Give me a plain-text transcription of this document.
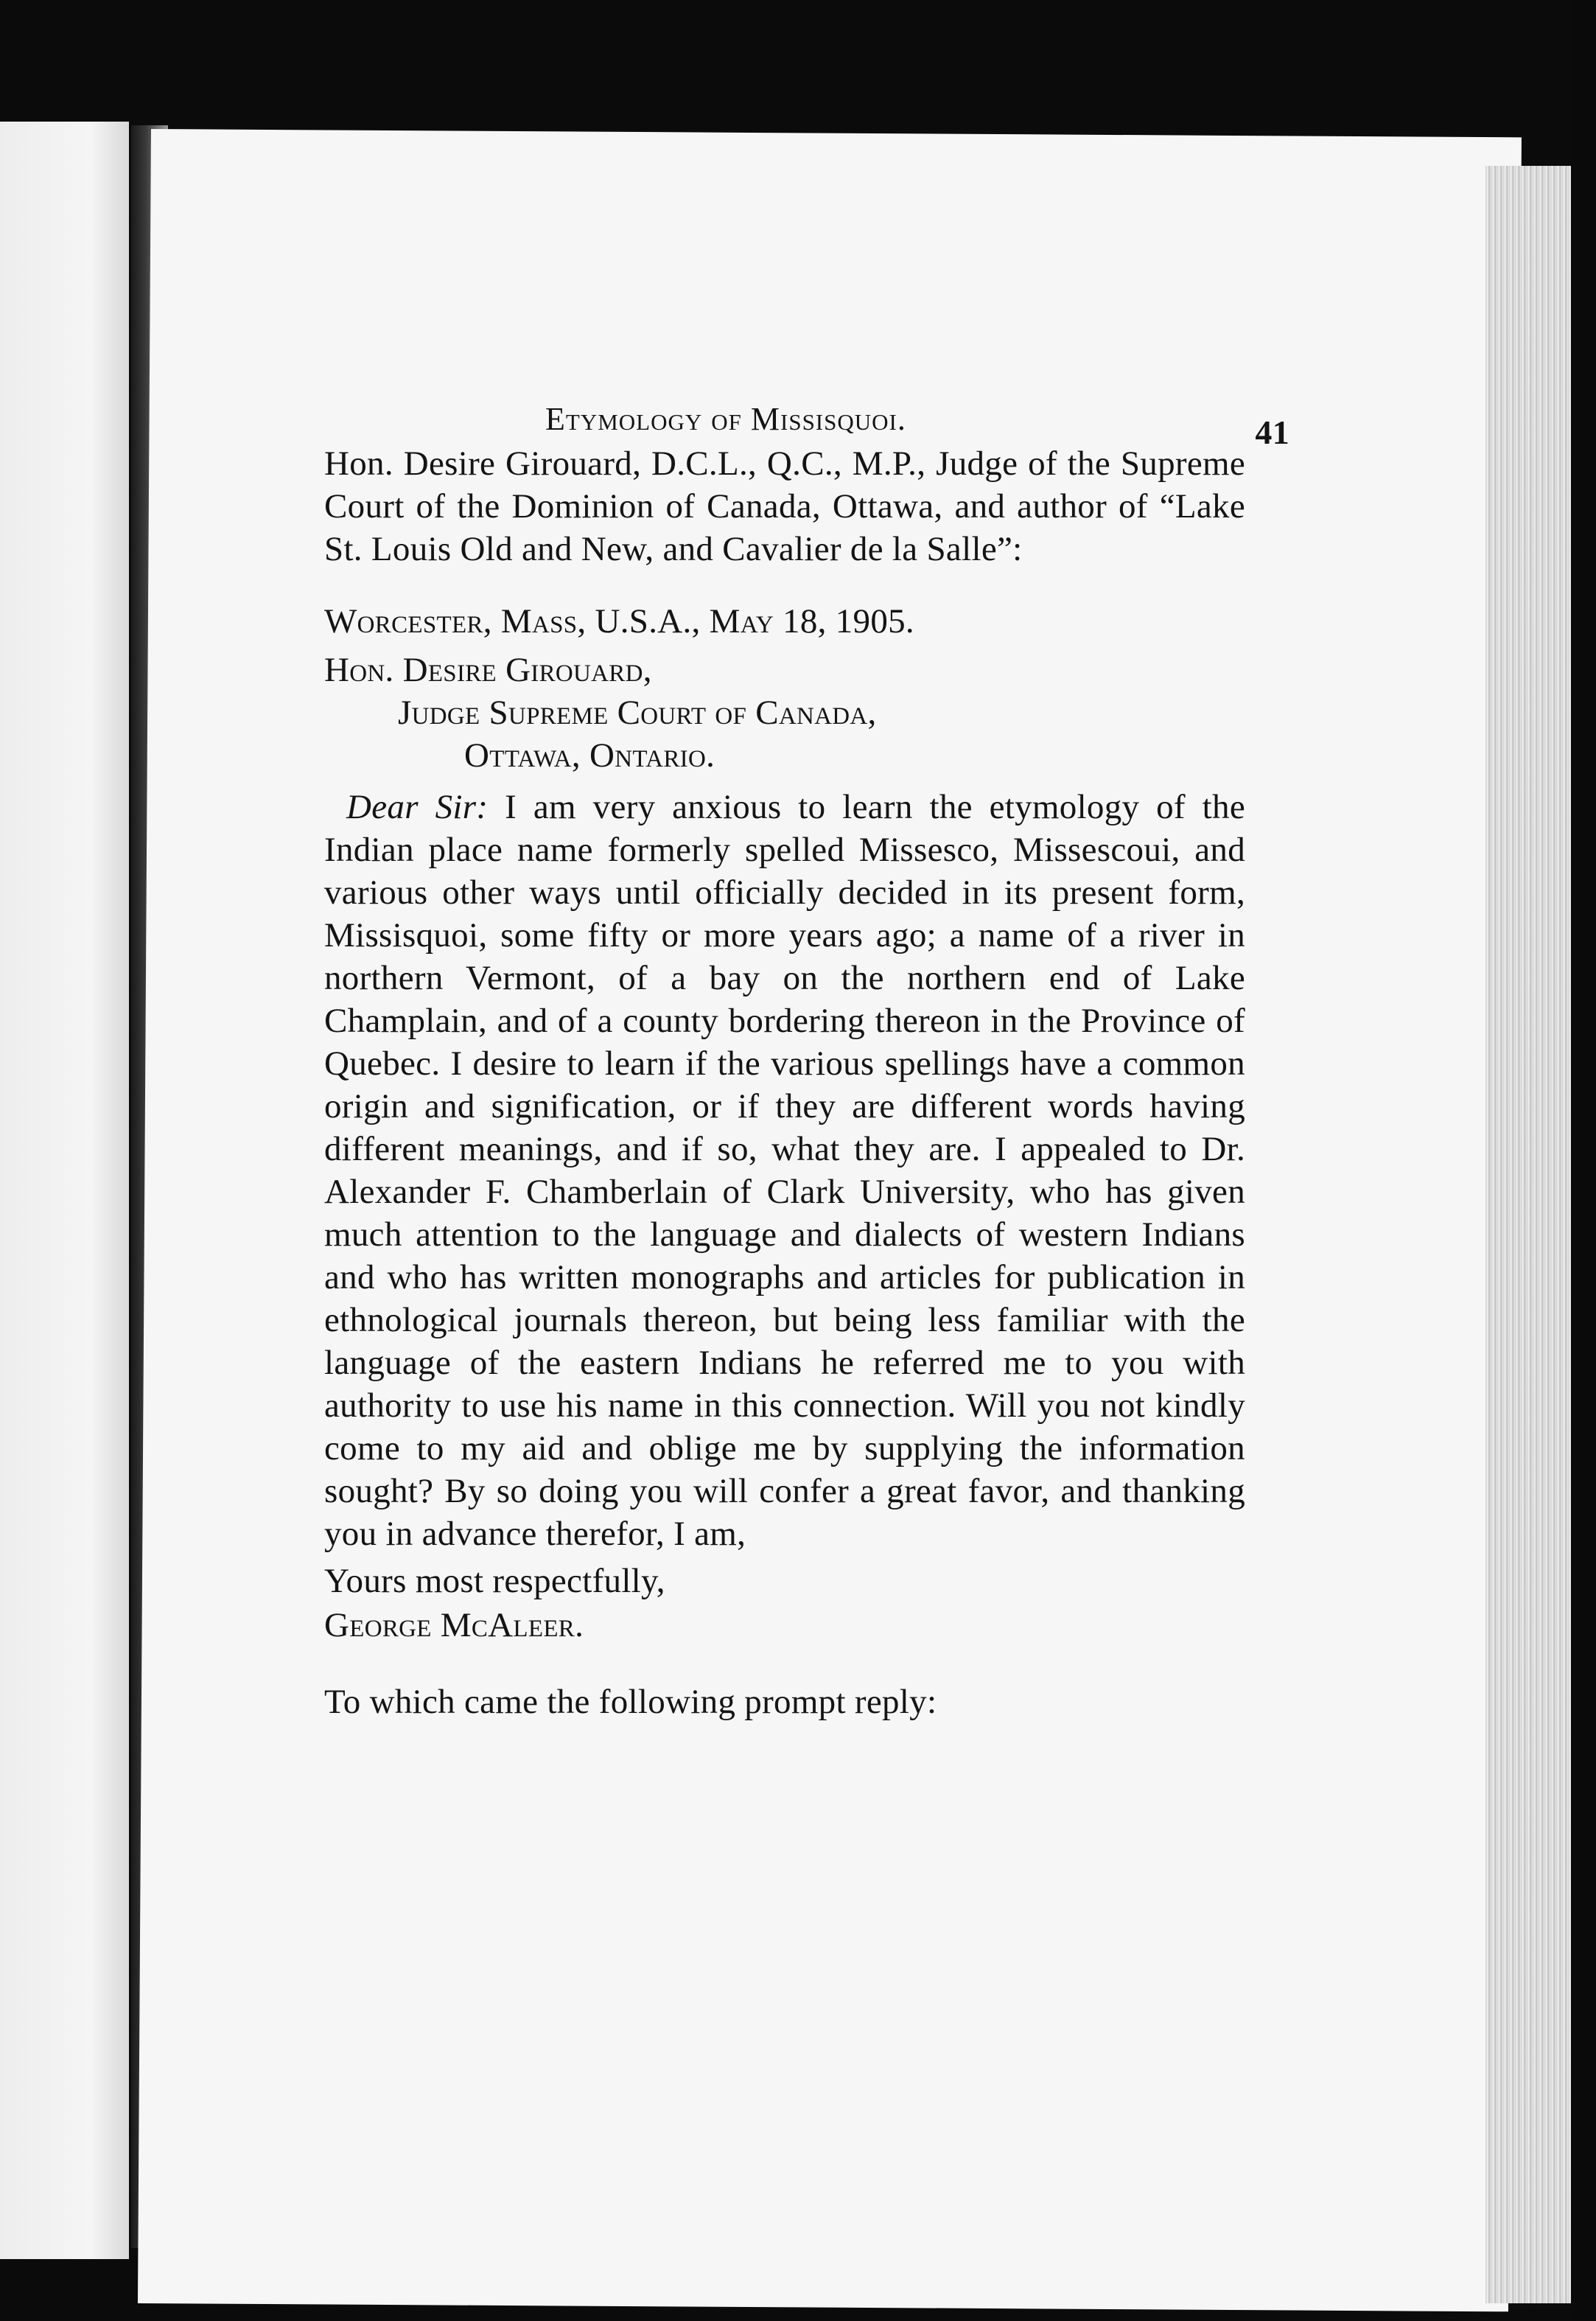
Etymology of Missisquoi.	41

Hon. Desire Girouard, D.C.L., Q.C., M.P., Judge of the Supreme Court of the Dominion of Canada, Ottawa, and author of “Lake St. Louis Old and New, and Cavalier de la Salle”:

Worcester, Mass, U.S.A., May 18, 1905.

Hon. Desire Girouard,
Judge Supreme Court of Canada,
Ottawa, Ontario.

Dear Sir: I am very anxious to learn the etymology of the Indian place name formerly spelled Missesco, Missescoui, and various other ways until officially decided in its present form, Missisquoi, some fifty or more years ago; a name of a river in northern Vermont, of a bay on the northern end of Lake Champlain, and of a county bordering thereon in the Province of Quebec. I desire to learn if the various spellings have a common origin and signification, or if they are different words having different meanings, and if so, what they are. I appealed to Dr. Alexander F. Chamberlain of Clark University, who has given much attention to the language and dialects of western Indians and who has written monographs and articles for publication in ethnological journals thereon, but being less familiar with the language of the eastern Indians he referred me to you with authority to use his name in this connection. Will you not kindly come to my aid and oblige me by supplying the information sought? By so doing you will confer a great favor, and thanking you in advance therefor, I am,

Yours most respectfully,

George McAleer.

To which came the following prompt reply:
